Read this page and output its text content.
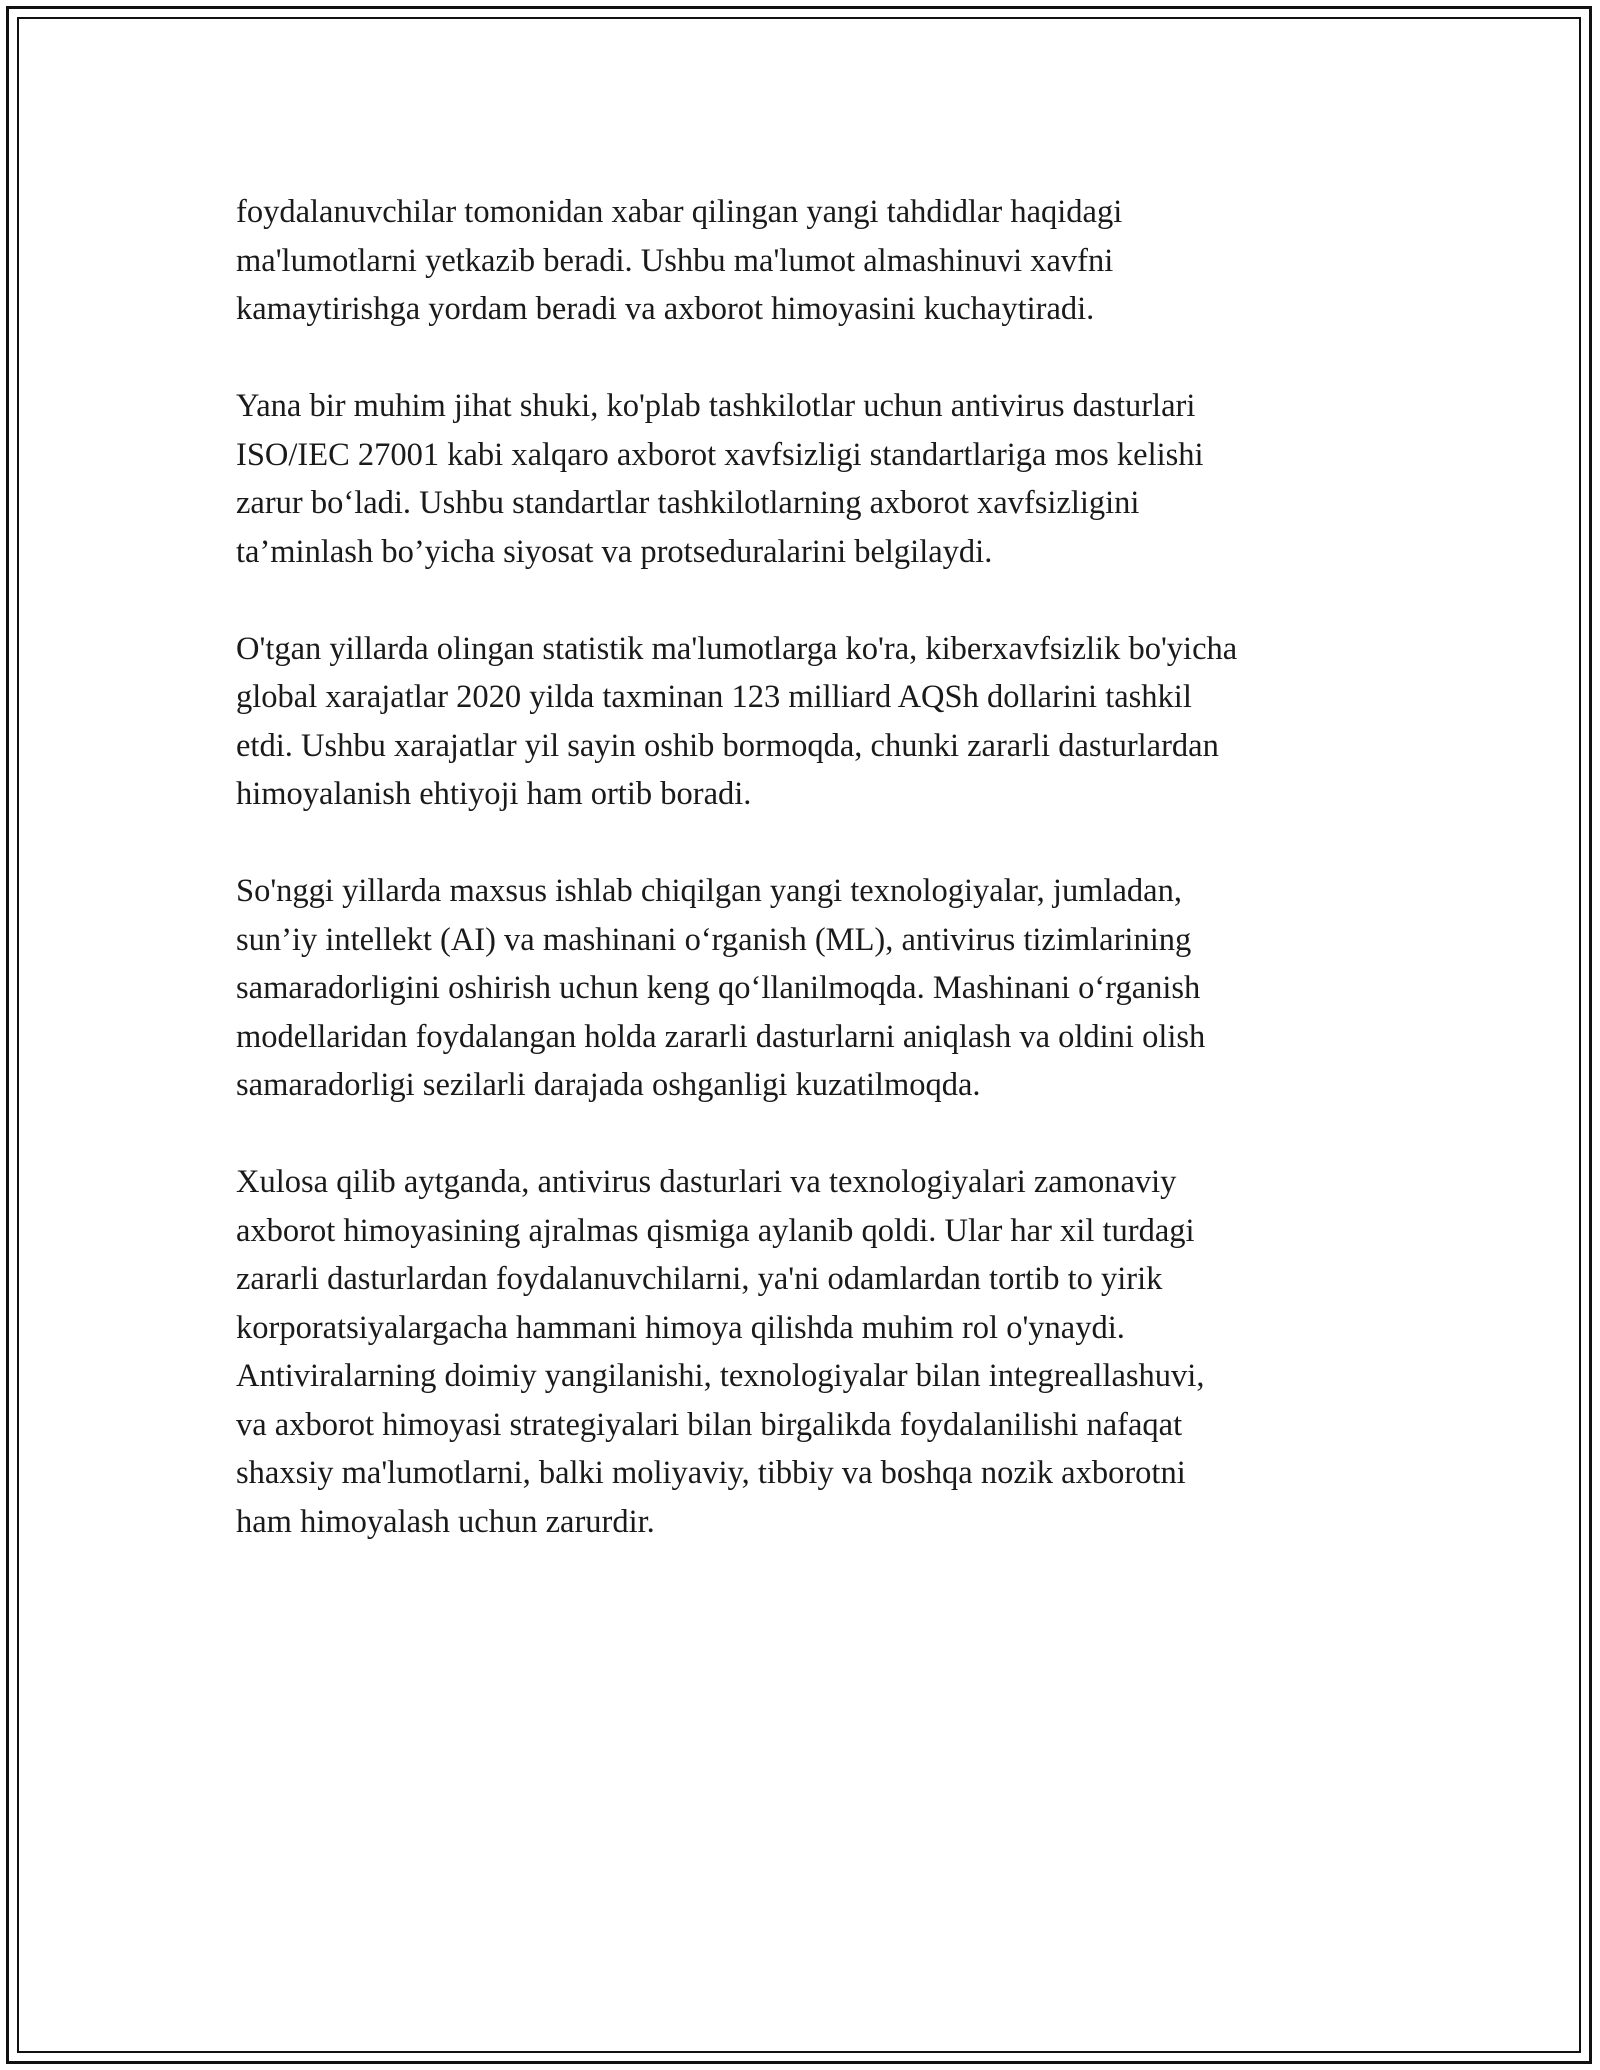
foydalanuvchilar tomonidan xabar qilingan yangi tahdidlar haqidagi
ma'lumotlarni yetkazib beradi. Ushbu ma'lumot almashinuvi xavfni
kamaytirishga yordam beradi va axborot himoyasini kuchaytiradi.

Yana bir muhim jihat shuki, ko'plab tashkilotlar uchun antivirus dasturlari
ISO/IEC 27001 kabi xalqaro axborot xavfsizligi standartlariga mos kelishi
zarur bo‘ladi. Ushbu standartlar tashkilotlarning axborot xavfsizligini
ta’minlash bo’yicha siyosat va protseduralarini belgilaydi.

O'tgan yillarda olingan statistik ma'lumotlarga ko'ra, kiberxavfsizlik bo'yicha
global xarajatlar 2020 yilda taxminan 123 milliard AQSh dollarini tashkil
etdi. Ushbu xarajatlar yil sayin oshib bormoqda, chunki zararli dasturlardan
himoyalanish ehtiyoji ham ortib boradi.

So'nggi yillarda maxsus ishlab chiqilgan yangi texnologiyalar, jumladan,
sun’iy intellekt (AI) va mashinani o‘rganish (ML), antivirus tizimlarining
samaradorligini oshirish uchun keng qo‘llanilmoqda. Mashinani o‘rganish
modellaridan foydalangan holda zararli dasturlarni aniqlash va oldini olish
samaradorligi sezilarli darajada oshganligi kuzatilmoqda.

Xulosa qilib aytganda, antivirus dasturlari va texnologiyalari zamonaviy
axborot himoyasining ajralmas qismiga aylanib qoldi. Ular har xil turdagi
zararli dasturlardan foydalanuvchilarni, ya'ni odamlardan tortib to yirik
korporatsiyalargacha hammani himoya qilishda muhim rol o'ynaydi.
Antiviralarning doimiy yangilanishi, texnologiyalar bilan integreallashuvi,
va axborot himoyasi strategiyalari bilan birgalikda foydalanilishi nafaqat
shaxsiy ma'lumotlarni, balki moliyaviy, tibbiy va boshqa nozik axborotni
ham himoyalash uchun zarurdir.
